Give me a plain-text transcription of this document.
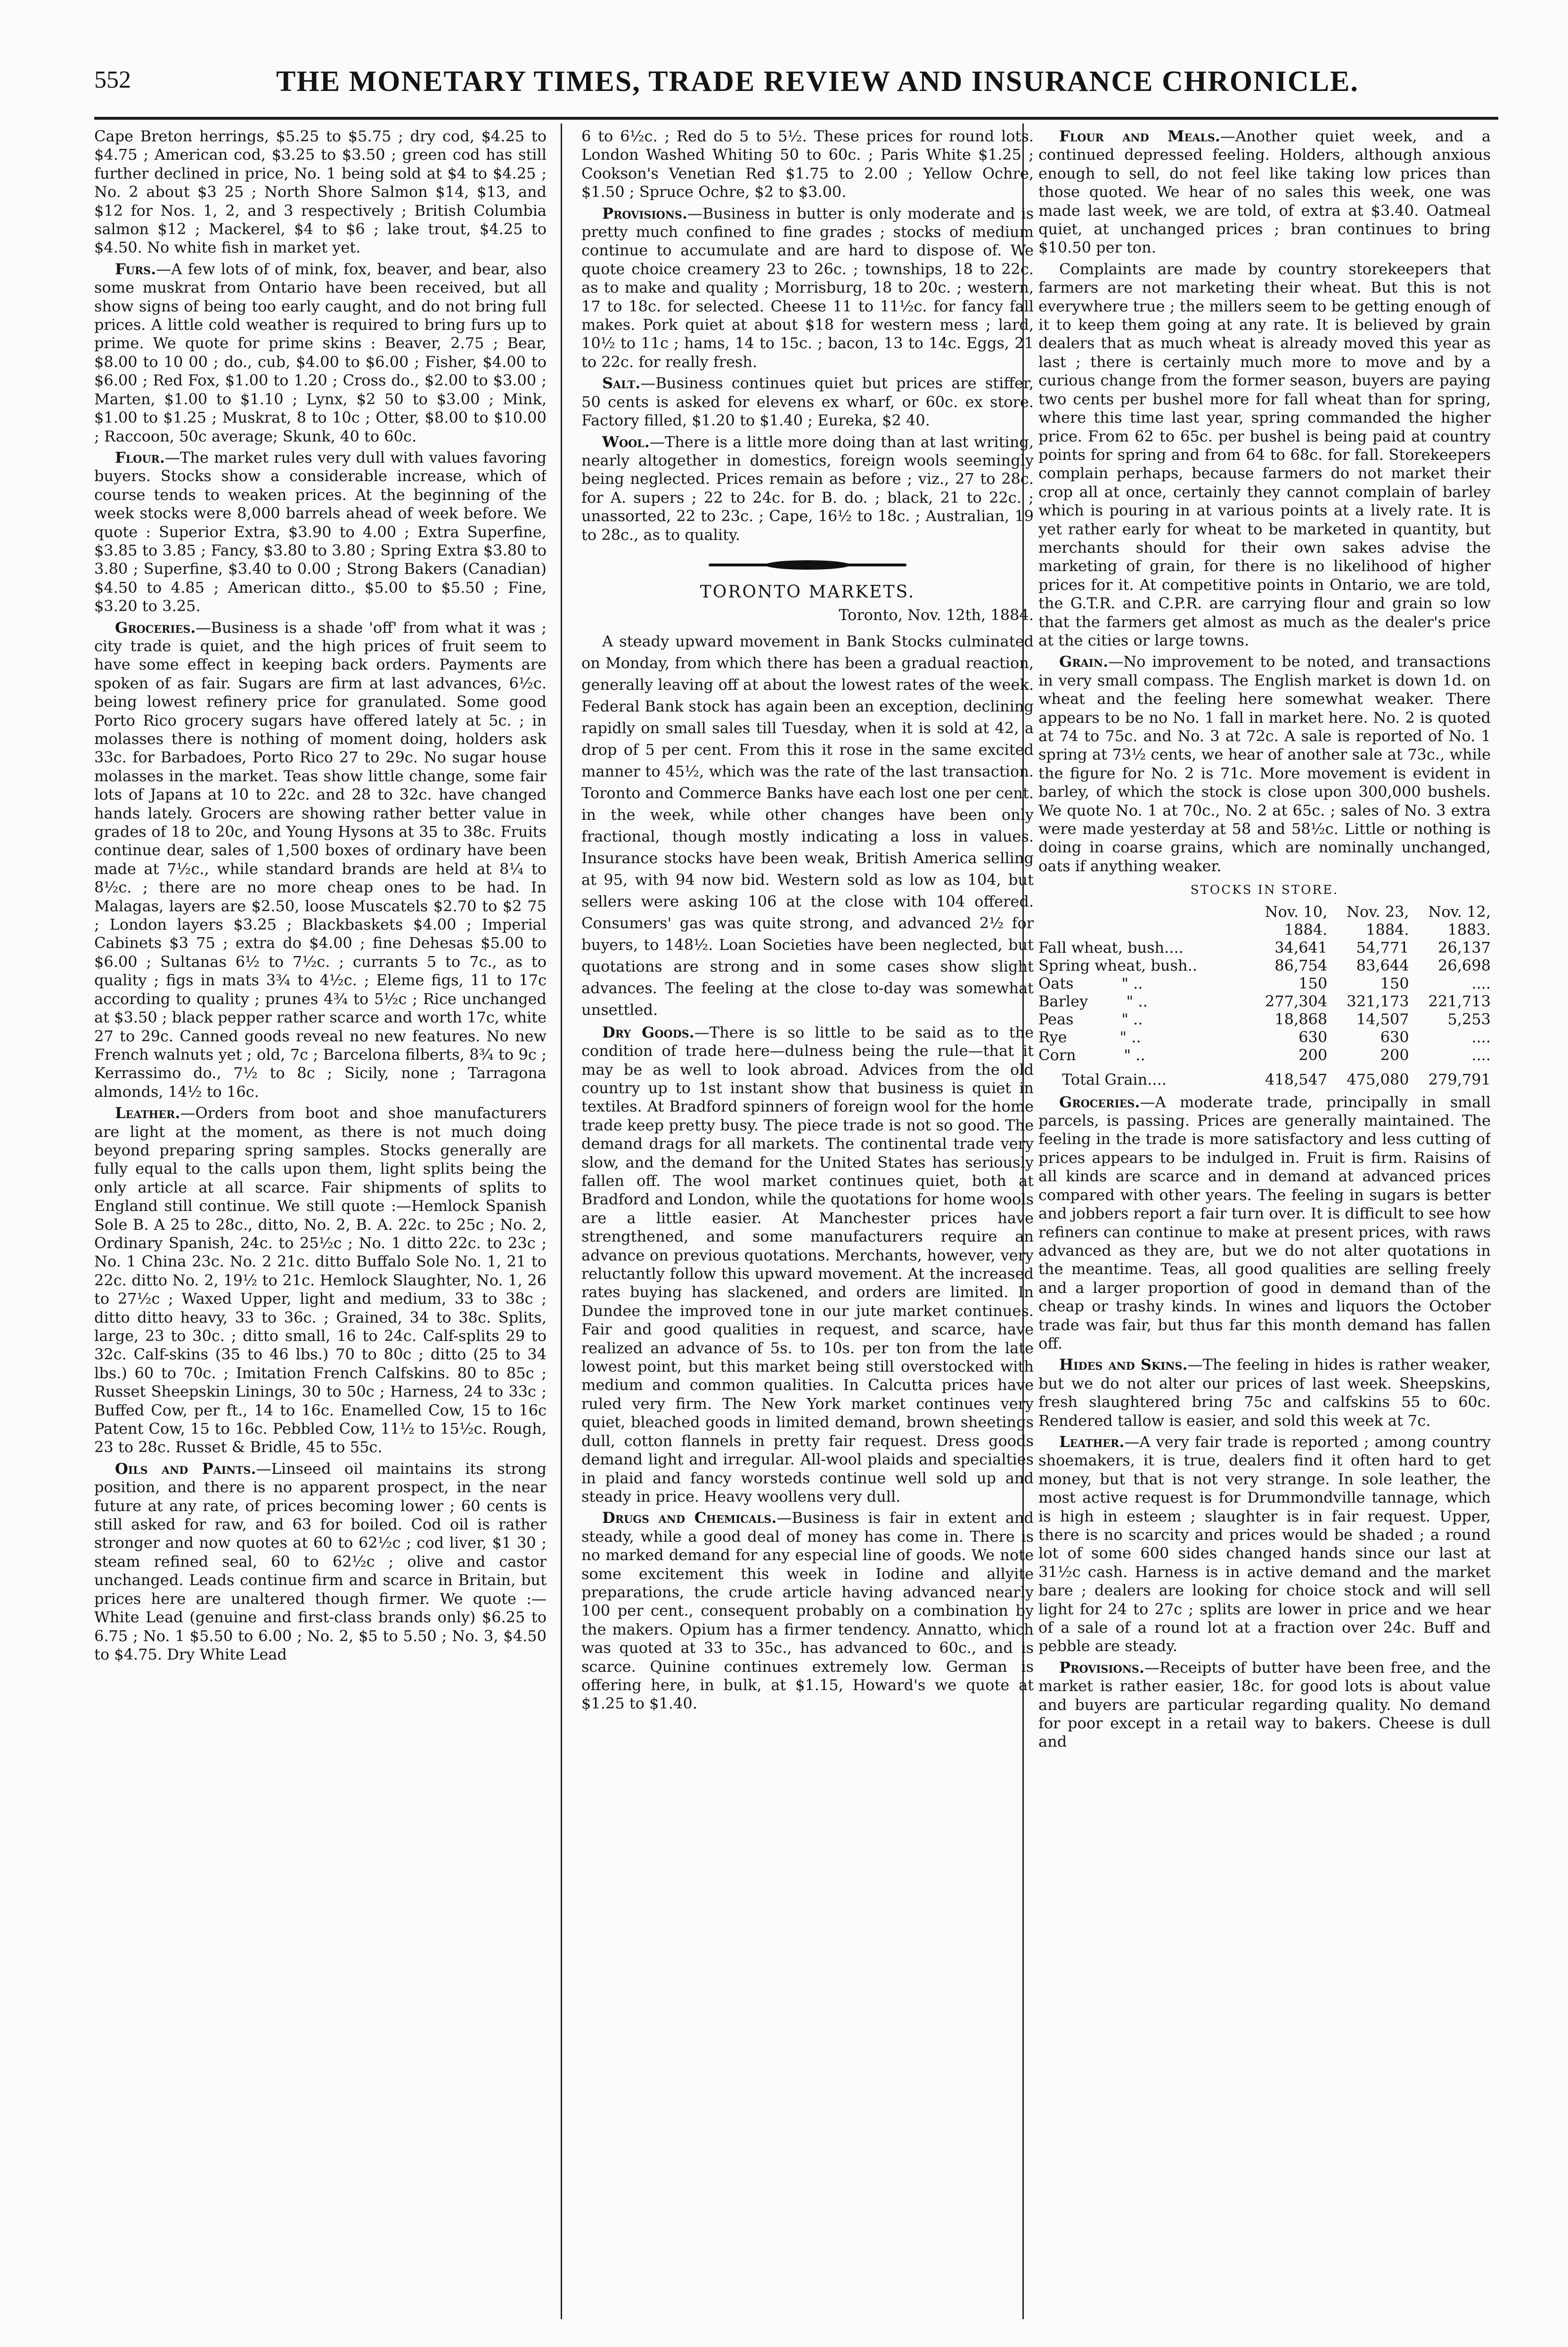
552	THE MONETARY TIMES, TRADE REVIEW AND INSURANCE CHRONICLE.

Cape Breton herrings, $5.25 to $5.75 ; dry cod, $4.25 to $4.75 ; American cod, $3.25 to $3.50 ; green cod has still further declined in price, No. 1 being sold at $4 to $4.25 ; No. 2 about $3 25 ; North Shore Salmon $14, $13, and $12 for Nos. 1, 2, and 3 respectively ; British Columbia salmon $12 ; Mackerel, $4 to $6 ; lake trout, $4.25 to $4.50. No white fish in market yet.

Furs.—A few lots of of mink, fox, beaver, and bear, also some muskrat from Ontario have been received, but all show signs of being too early caught, and do not bring full prices. A little cold weather is required to bring furs up to prime. We quote for prime skins : Beaver, 2.75 ; Bear, $8.00 to 10 00 ; do., cub, $4.00 to $6.00 ; Fisher, $4.00 to $6.00 ; Red Fox, $1.00 to 1.20 ; Cross do., $2.00 to $3.00 ; Marten, $1.00 to $1.10 ; Lynx, $2 50 to $3.00 ; Mink, $1.00 to $1.25 ; Muskrat, 8 to 10c ; Otter, $8.00 to $10.00 ; Raccoon, 50c average; Skunk, 40 to 60c.

Flour.—The market rules very dull with values favoring buyers. Stocks show a considerable increase, which of course tends to weaken prices. At the beginning of the week stocks were 8,000 barrels ahead of week before. We quote : Superior Extra, $3.90 to 4.00 ; Extra Superfine, $3.85 to 3.85 ; Fancy, $3.80 to 3.80 ; Spring Extra $3.80 to 3.80 ; Superfine, $3.40 to 0.00 ; Strong Bakers (Canadian) $4.50 to 4.85 ; American ditto., $5.00 to $5.50 ; Fine, $3.20 to 3.25.

Groceries.—Business is a shade 'off' from what it was ; city trade is quiet, and the high prices of fruit seem to have some effect in keeping back orders. Payments are spoken of as fair. Sugars are firm at last advances, 6½c. being lowest refinery price for granulated. Some good Porto Rico grocery sugars have offered lately at 5c. ; in molasses there is nothing of moment doing, holders ask 33c. for Barbadoes, Porto Rico 27 to 29c. No sugar house molasses in the market. Teas show little change, some fair lots of Japans at 10 to 22c. and 28 to 32c. have changed hands lately. Grocers are showing rather better value in grades of 18 to 20c, and Young Hysons at 35 to 38c. Fruits continue dear, sales of 1,500 boxes of ordinary have been made at 7½c., while standard brands are held at 8¼ to 8½c. ; there are no more cheap ones to be had. In Malagas, layers are $2.50, loose Muscatels $2.70 to $2 75 ; London layers $3.25 ; Blackbaskets $4.00 ; Imperial Cabinets $3 75 ; extra do $4.00 ; fine Dehesas $5.00 to $6.00 ; Sultanas 6½ to 7½c. ; currants 5 to 7c., as to quality ; figs in mats 3¾ to 4½c. ; Eleme figs, 11 to 17c according to quality ; prunes 4¾ to 5½c ; Rice unchanged at $3.50 ; black pepper rather scarce and worth 17c, white 27 to 29c. Canned goods reveal no new features. No new French walnuts yet ; old, 7c ; Barcelona filberts, 8¾ to 9c ; Kerrassimo do., 7½ to 8c ; Sicily, none ; Tarragona almonds, 14½ to 16c.

Leather.—Orders from boot and shoe manufacturers are light at the moment, as there is not much doing beyond preparing spring samples. Stocks generally are fully equal to the calls upon them, light splits being the only article at all scarce. Fair shipments of splits to England still continue. We still quote :—Hemlock Spanish Sole B. A 25 to 28c., ditto, No. 2, B. A. 22c. to 25c ; No. 2, Ordinary Spanish, 24c. to 25½c ; No. 1 ditto 22c. to 23c ; No. 1 China 23c. No. 2 21c. ditto Buffalo Sole No. 1, 21 to 22c. ditto No. 2, 19½ to 21c. Hemlock Slaughter, No. 1, 26 to 27½c ; Waxed Upper, light and medium, 33 to 38c ; ditto ditto heavy, 33 to 36c. ; Grained, 34 to 38c. Splits, large, 23 to 30c. ; ditto small, 16 to 24c. Calf-splits 29 to 32c. Calf-skins (35 to 46 lbs.) 70 to 80c ; ditto (25 to 34 lbs.) 60 to 70c. ; Imitation French Calfskins. 80 to 85c ; Russet Sheepskin Linings, 30 to 50c ; Harness, 24 to 33c ; Buffed Cow, per ft., 14 to 16c. Enamelled Cow, 15 to 16c Patent Cow, 15 to 16c. Pebbled Cow, 11½ to 15½c. Rough, 23 to 28c. Russet & Bridle, 45 to 55c.

Oils and Paints.—Linseed oil maintains its strong position, and there is no apparent prospect, in the near future at any rate, of prices becoming lower ; 60 cents is still asked for raw, and 63 for boiled. Cod oil is rather stronger and now quotes at 60 to 62½c ; cod liver, $1 30 ; steam refined seal, 60 to 62½c ; olive and castor unchanged. Leads continue firm and scarce in Britain, but prices here are unaltered though firmer. We quote :—White Lead (genuine and first-class brands only) $6.25 to 6.75 ; No. 1 $5.50 to 6.00 ; No. 2, $5 to 5.50 ; No. 3, $4.50 to $4.75. Dry White Lead

6 to 6½c. ; Red do 5 to 5½. These prices for round lots. London Washed Whiting 50 to 60c. ; Paris White $1.25 ; Cookson's Venetian Red $1.75 to 2.00 ; Yellow Ochre, $1.50 ; Spruce Ochre, $2 to $3.00.

Provisions.—Business in butter is only moderate and is pretty much confined to fine grades ; stocks of medium continue to accumulate and are hard to dispose of. We quote choice creamery 23 to 26c. ; townships, 18 to 22c. as to make and quality ; Morrisburg, 18 to 20c. ; western, 17 to 18c. for selected. Cheese 11 to 11½c. for fancy fall makes. Pork quiet at about $18 for western mess ; lard, 10½ to 11c ; hams, 14 to 15c. ; bacon, 13 to 14c. Eggs, 21 to 22c. for really fresh.

Salt.—Business continues quiet but prices are stiffer, 50 cents is asked for elevens ex wharf, or 60c. ex store. Factory filled, $1.20 to $1.40 ; Eureka, $2 40.

Wool.—There is a little more doing than at last writing, nearly altogether in domestics, foreign wools seemingly being neglected. Prices remain as before ; viz., 27 to 28c. for A. supers ; 22 to 24c. for B. do. ; black, 21 to 22c. ; unassorted, 22 to 23c. ; Cape, 16½ to 18c. ; Australian, 19 to 28c., as to quality.

TORONTO MARKETS.
Toronto, Nov. 12th, 1884.

A steady upward movement in Bank Stocks culminated on Monday, from which there has been a gradual reaction, generally leaving off at about the lowest rates of the week. Federal Bank stock has again been an exception, declining rapidly on small sales till Tuesday, when it is sold at 42, a drop of 5 per cent. From this it rose in the same excited manner to 45½, which was the rate of the last transaction. Toronto and Commerce Banks have each lost one per cent. in the week, while other changes have been only fractional, though mostly indicating a loss in values. Insurance stocks have been weak, British America selling at 95, with 94 now bid. Western sold as low as 104, but sellers were asking 106 at the close with 104 offered. Consumers' gas was quite strong, and advanced 2½ for buyers, to 148½. Loan Societies have been neglected, but quotations are strong and in some cases show slight advances. The feeling at the close to-day was somewhat unsettled.

Dry Goods.—There is so little to be said as to the condition of trade here—dulness being the rule—that it may be as well to look abroad. Advices from the old country up to 1st instant show that business is quiet in textiles. At Bradford spinners of foreign wool for the home trade keep pretty busy. The piece trade is not so good. The demand drags for all markets. The continental trade very slow, and the demand for the United States has seriously fallen off. The wool market continues quiet, both at Bradford and London, while the quotations for home wools are a little easier. At Manchester prices have strengthened, and some manufacturers require an advance on previous quotations. Merchants, however, very reluctantly follow this upward movement. At the increased rates buying has slackened, and orders are limited. In Dundee the improved tone in our jute market continues. Fair and good qualities in request, and scarce, have realized an advance of 5s. to 10s. per ton from the late lowest point, but this market being still overstocked with medium and common qualities. In Calcutta prices have ruled very firm. The New York market continues very quiet, bleached goods in limited demand, brown sheetings dull, cotton flannels in pretty fair request. Dress goods demand light and irregular. All-wool plaids and specialties in plaid and fancy worsteds continue well sold up and steady in price. Heavy woollens very dull.

Drugs and Chemicals.—Business is fair in extent and steady, while a good deal of money has come in. There is no marked demand for any especial line of goods. We note some excitement this week in Iodine and allyite preparations, the crude article having advanced nearly 100 per cent., consequent probably on a combination by the makers. Opium has a firmer tendency. Annatto, which was quoted at 33 to 35c., has advanced to 60c., and is scarce. Quinine continues extremely low. German is offering here, in bulk, at $1.15, Howard's we quote at $1.25 to $1.40.

Flour and Meals.—Another quiet week, and a continued depressed feeling. Holders, although anxious enough to sell, do not feel like taking low prices than those quoted. We hear of no sales this week, one was made last week, we are told, of extra at $3.40. Oatmeal quiet, at unchanged prices ; bran continues to bring $10.50 per ton.

Complaints are made by country storekeepers that farmers are not marketing their wheat. But this is not everywhere true ; the millers seem to be getting enough of it to keep them going at any rate. It is believed by grain dealers that as much wheat is already moved this year as last ; there is certainly much more to move and by a curious change from the former season, buyers are paying two cents per bushel more for fall wheat than for spring, where this time last year, spring commanded the higher price. From 62 to 65c. per bushel is being paid at country points for spring and from 64 to 68c. for fall. Storekeepers complain perhaps, because farmers do not market their crop all at once, certainly they cannot complain of barley which is pouring in at various points at a lively rate. It is yet rather early for wheat to be marketed in quantity, but merchants should for their own sakes advise the marketing of grain, for there is no likelihood of higher prices for it. At competitive points in Ontario, we are told, the G.T.R. and C.P.R. are carrying flour and grain so low that the farmers get almost as much as the dealer's price at the cities or large towns.

Grain.—No improvement to be noted, and transactions in very small compass. The English market is down 1d. on wheat and the feeling here somewhat weaker. There appears to be no No. 1 fall in market here. No. 2 is quoted at 74 to 75c. and No. 3 at 72c. A sale is reported of No. 1 spring at 73½ cents, we hear of another sale at 73c., while the figure for No. 2 is 71c. More movement is evident in barley, of which the stock is close upon 300,000 bushels. We quote No. 1 at 70c., No. 2 at 65c. ; sales of No. 3 extra were made yesterday at 58 and 58½c. Little or nothing is doing in coarse grains, which are nominally unchanged, oats if anything weaker.

STOCKS IN STORE.
	Nov. 10,	Nov. 23,	Nov. 12,
	1884.	1884.	1883.
Fall wheat, bush....	34,641	54,771	26,137
Spring wheat, bush..	86,754	83,644	26,698
Oats          " ..	150	150	....
Barley        " ..	277,304	321,173	221,713
Peas          " ..	18,868	14,507	5,253
Rye           " ..	630	630	....
Corn          " ..	200	200	....
Total Grain....	418,547	475,080	279,791

Groceries.—A moderate trade, principally in small parcels, is passing. Prices are generally maintained. The feeling in the trade is more satisfactory and less cutting of prices appears to be indulged in. Fruit is firm. Raisins of all kinds are scarce and in demand at advanced prices compared with other years. The feeling in sugars is better and jobbers report a fair turn over. It is difficult to see how refiners can continue to make at present prices, with raws advanced as they are, but we do not alter quotations in the meantime. Teas, all good qualities are selling freely and a larger proportion of good in demand than of the cheap or trashy kinds. In wines and liquors the October trade was fair, but thus far this month demand has fallen off.

Hides and Skins.—The feeling in hides is rather weaker, but we do not alter our prices of last week. Sheepskins, fresh slaughtered bring 75c and calfskins 55 to 60c. Rendered tallow is easier, and sold this week at 7c.

Leather.—A very fair trade is reported ; among country shoemakers, it is true, dealers find it often hard to get money, but that is not very strange. In sole leather, the most active request is for Drummondville tannage, which is high in esteem ; slaughter is in fair request. Upper, there is no scarcity and prices would be shaded ; a round lot of some 600 sides changed hands since our last at 31½c cash. Harness is in active demand and the market bare ; dealers are looking for choice stock and will sell light for 24 to 27c ; splits are lower in price and we hear of a sale of a round lot at a fraction over 24c. Buff and pebble are steady.

Provisions.—Receipts of butter have been free, and the market is rather easier, 18c. for good lots is about value and buyers are particular regarding quality. No demand for poor except in a retail way to bakers. Cheese is dull and
